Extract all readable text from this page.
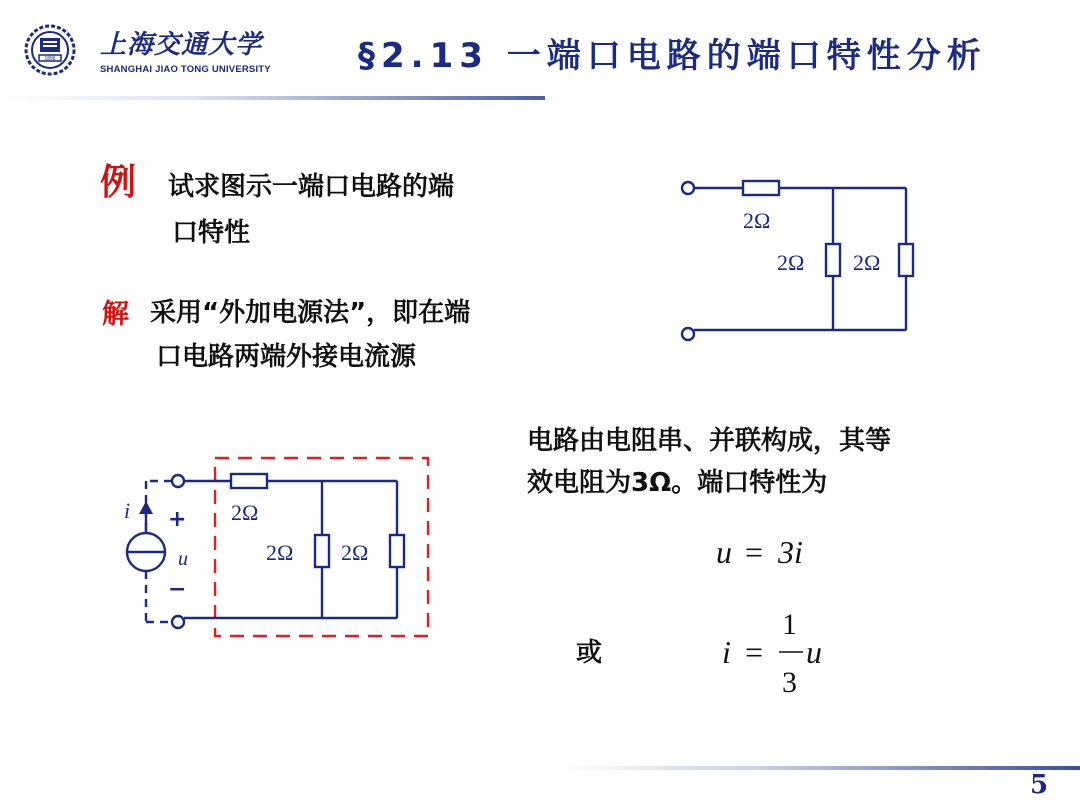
1896 上海交通大学
SHANGHAI JIAO TONG UNIVERSITY	§2.13 一端口电路的端口特性分析
例 试求图示一端口电路的端
口特性
解 采用“外加电源法”，即在端
口电路两端外接电流源
2Ω
2Ω 2Ω
i
u
+
−
2Ω
2Ω 2Ω	u = 3i
i =
1
3
u
电路由电阻串、并联构成，其等
效电阻为3Ω。端口特性为
或
5
